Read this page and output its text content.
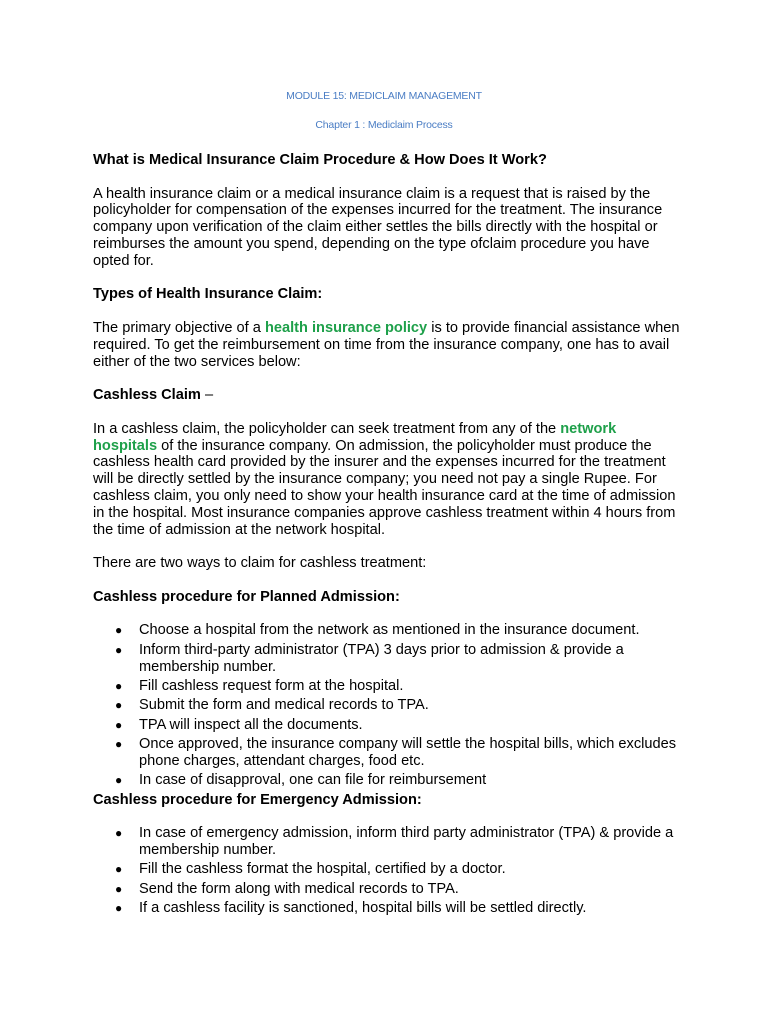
MODULE 15: MEDICLAIM MANAGEMENT
Chapter 1 : Mediclaim Process

What is Medical Insurance Claim Procedure & How Does It Work?

A health insurance claim or a medical insurance claim is a request that is raised by the policyholder for compensation of the expenses incurred for the treatment. The insurance company upon verification of the claim either settles the bills directly with the hospital or reimburses the amount you spend, depending on the type ofclaim procedure you have opted for.

Types of Health Insurance Claim:

The primary objective of a health insurance policy is to provide financial assistance when required. To get the reimbursement on time from the insurance company, one has to avail either of the two services below:

Cashless Claim –

In a cashless claim, the policyholder can seek treatment from any of the network hospitals of the insurance company. On admission, the policyholder must produce the cashless health card provided by the insurer and the expenses incurred for the treatment will be directly settled by the insurance company; you need not pay a single Rupee. For cashless claim, you only need to show your health insurance card at the time of admission in the hospital. Most insurance companies approve cashless treatment within 4 hours from the time of admission at the network hospital.

There are two ways to claim for cashless treatment:

Cashless procedure for Planned Admission:

● Choose a hospital from the network as mentioned in the insurance document.
● Inform third-party administrator (TPA) 3 days prior to admission & provide a membership number.
● Fill cashless request form at the hospital.
● Submit the form and medical records to TPA.
● TPA will inspect all the documents.
● Once approved, the insurance company will settle the hospital bills, which excludes phone charges, attendant charges, food etc.
● In case of disapproval, one can file for reimbursement

Cashless procedure for Emergency Admission:

● In case of emergency admission, inform third party administrator (TPA) & provide a membership number.
● Fill the cashless format the hospital, certified by a doctor.
● Send the form along with medical records to TPA.
● If a cashless facility is sanctioned, hospital bills will be settled directly.
